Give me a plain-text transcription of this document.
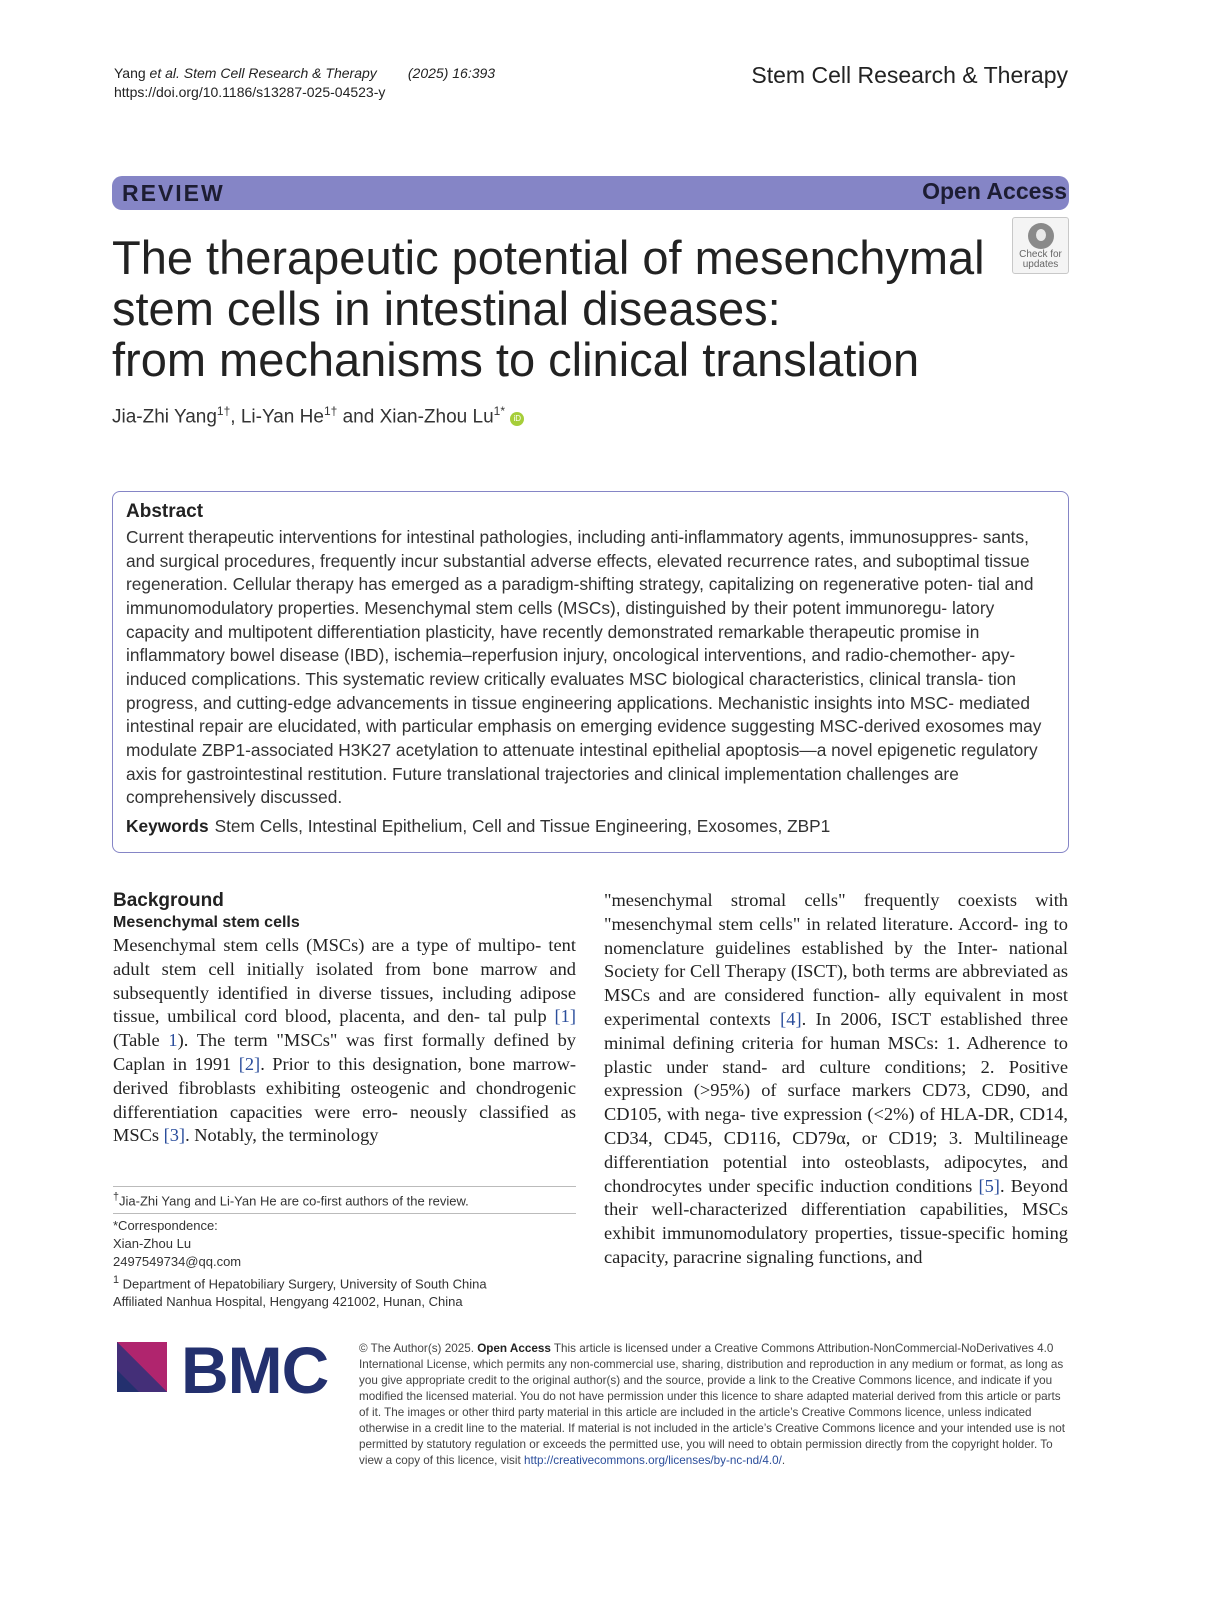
Yang et al. Stem Cell Research & Therapy (2025) 16:393
https://doi.org/10.1186/s13287-025-04523-y
Stem Cell Research & Therapy
REVIEW	Open Access
Check for
updates
The therapeutic potential of mesenchymal
stem cells in intestinal diseases:
from mechanisms to clinical translation
Jia-Zhi Yang$^{1\dagger}$, Li-Yan $He^{1\dagger}$ and Xian-Zhou $Lu^{1*}$ iD
Abstract

Current therapeutic interventions for intestinal pathologies, including anti-inflammatory agents, immunosuppres- sants, and surgical procedures, frequently incur substantial adverse effects, elevated recurrence rates, and suboptimal tissue regeneration. Cellular therapy has emerged as a paradigm-shifting strategy, capitalizing on regenerative poten- tial and immunomodulatory properties. Mesenchymal stem cells (MSCs), distinguished by their potent immunoregu- latory capacity and multipotent differentiation plasticity, have recently demonstrated remarkable therapeutic promise in inflammatory bowel disease (IBD), ischemia–reperfusion injury, oncological interventions, and radio-chemother- apy-induced complications. This systematic review critically evaluates MSC biological characteristics, clinical transla- tion progress, and cutting-edge advancements in tissue engineering applications. Mechanistic insights into MSC- mediated intestinal repair are elucidated, with particular emphasis on emerging evidence suggesting MSC-derived exosomes may modulate ZBP1-associated H3K27 acetylation to attenuate intestinal epithelial apoptosis—a novel epigenetic regulatory axis for gastrointestinal restitution. Future translational trajectories and clinical implementation challenges are comprehensively discussed.

Keywords Stem Cells, Intestinal Epithelium, Cell and Tissue Engineering, Exosomes, ZBP1
Background
Mesenchymal stem cells

Mesenchymal stem cells (MSCs) are a type of multipo- tent adult stem cell initially isolated from bone marrow and subsequently identified in diverse tissues, including adipose tissue, umbilical cord blood, placenta, and den- tal pulp [1] (Table 1). The term "MSCs" was first formally defined by Caplan in 1991 [2]. Prior to this designation, bone marrow-derived fibroblasts exhibiting osteogenic and chondrogenic differentiation capacities were erro- neously classified as MSCs [3]. Notably, the terminology

"mesenchymal stromal cells" frequently coexists with "mesenchymal stem cells" in related literature. Accord- ing to nomenclature guidelines established by the Inter- national Society for Cell Therapy (ISCT), both terms are abbreviated as MSCs and are considered function- ally equivalent in most experimental contexts [4]. In 2006, ISCT established three minimal defining criteria for human MSCs: 1. Adherence to plastic under stand- ard culture conditions; 2. Positive expression (>95%) of surface markers CD73, CD90, and CD105, with nega- tive expression (<2%) of HLA-DR, CD14, CD34, CD45, CD116, CD79α, or CD19; 3. Multilineage differentiation potential into osteoblasts, adipocytes, and chondrocytes under specific induction conditions [5]. Beyond their well-characterized differentiation capabilities, MSCs exhibit immunomodulatory properties, tissue-specific homing capacity, paracrine signaling functions, and

†Jia-Zhi Yang and Li-Yan He are co-first authors of the review.
*Correspondence:
Xian-Zhou Lu
2497549734@qq.com
$^1$ Department of Hepatobiliary Surgery, University of South China
Affiliated Nanhua Hospital, Hengyang 421002, Hunan, China
BMC	© The Author(s) 2025. Open Access This article is licensed under a Creative Commons Attribution-NonCommercial-NoDerivatives 4.0 International License, which permits any non-commercial use, sharing, distribution and reproduction in any medium or format, as long as you give appropriate credit to the original author(s) and the source, provide a link to the Creative Commons licence, and indicate if you modified the licensed material. You do not have permission under this licence to share adapted material derived from this article or parts of it. The images or other third party material in this article are included in the article’s Creative Commons licence, unless indicated otherwise in a credit line to the material. If material is not included in the article’s Creative Commons licence and your intended use is not permitted by statutory regulation or exceeds the permitted use, you will need to obtain permission directly from the copyright holder. To view a copy of this licence, visit http://creativecommons.org/licenses/by-nc-nd/4.0/.
